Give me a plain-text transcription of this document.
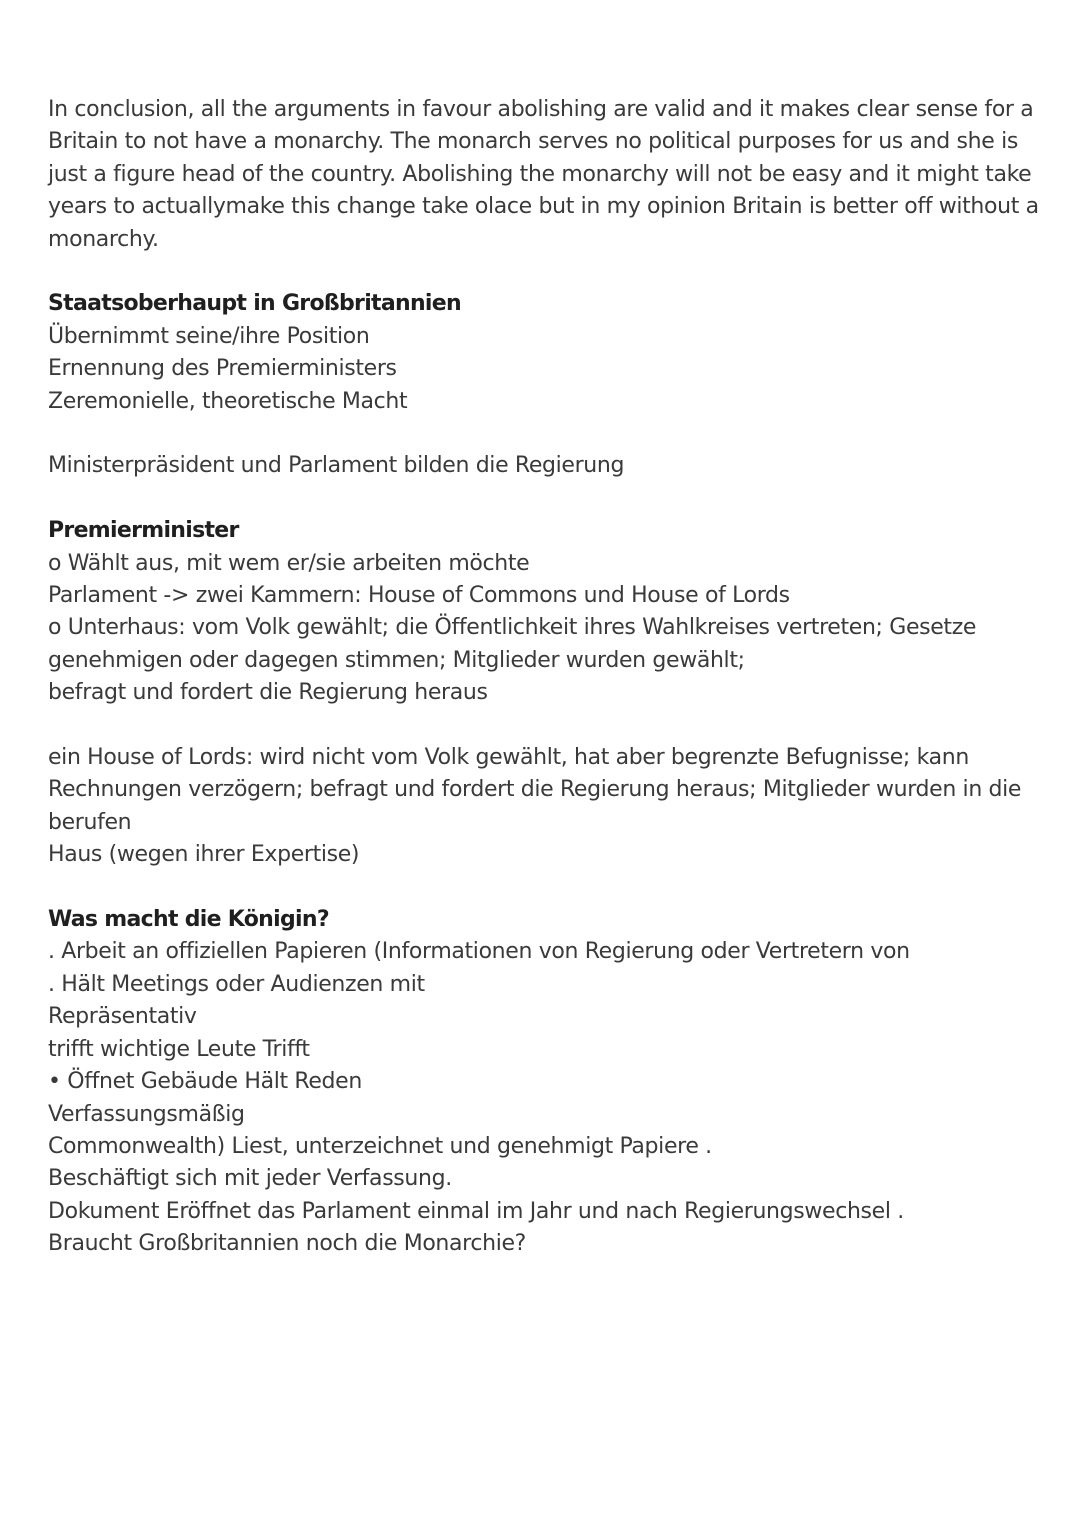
In conclusion, all the arguments in favour abolishing are valid and it makes clear sense for a
Britain to not have a monarchy. The monarch serves no political purposes for us and she is
just a figure head of the country. Abolishing the monarchy will not be easy and it might take
years to actuallymake this change take olace but in my opinion Britain is better off without a
monarchy.
Staatsoberhaupt in Großbritannien
Übernimmt seine/ihre Position
Ernennung des Premierministers
Zeremonielle, theoretische Macht
Ministerpräsident und Parlament bilden die Regierung
Premierminister
o Wählt aus, mit wem er/sie arbeiten möchte
Parlament -> zwei Kammern: House of Commons und House of Lords
o Unterhaus: vom Volk gewählt; die Öffentlichkeit ihres Wahlkreises vertreten; Gesetze
genehmigen oder dagegen stimmen; Mitglieder wurden gewählt;
befragt und fordert die Regierung heraus
ein House of Lords: wird nicht vom Volk gewählt, hat aber begrenzte Befugnisse; kann
Rechnungen verzögern; befragt und fordert die Regierung heraus; Mitglieder wurden in die
berufen
Haus (wegen ihrer Expertise)
Was macht die Königin?
. Arbeit an offiziellen Papieren (Informationen von Regierung oder Vertretern von
. Hält Meetings oder Audienzen mit
Repräsentativ
trifft wichtige Leute Trifft
• Öffnet Gebäude Hält Reden
Verfassungsmäßig
Commonwealth) Liest, unterzeichnet und genehmigt Papiere .
Beschäftigt sich mit jeder Verfassung.
Dokument Eröffnet das Parlament einmal im Jahr und nach Regierungswechsel .
Braucht Großbritannien noch die Monarchie?
